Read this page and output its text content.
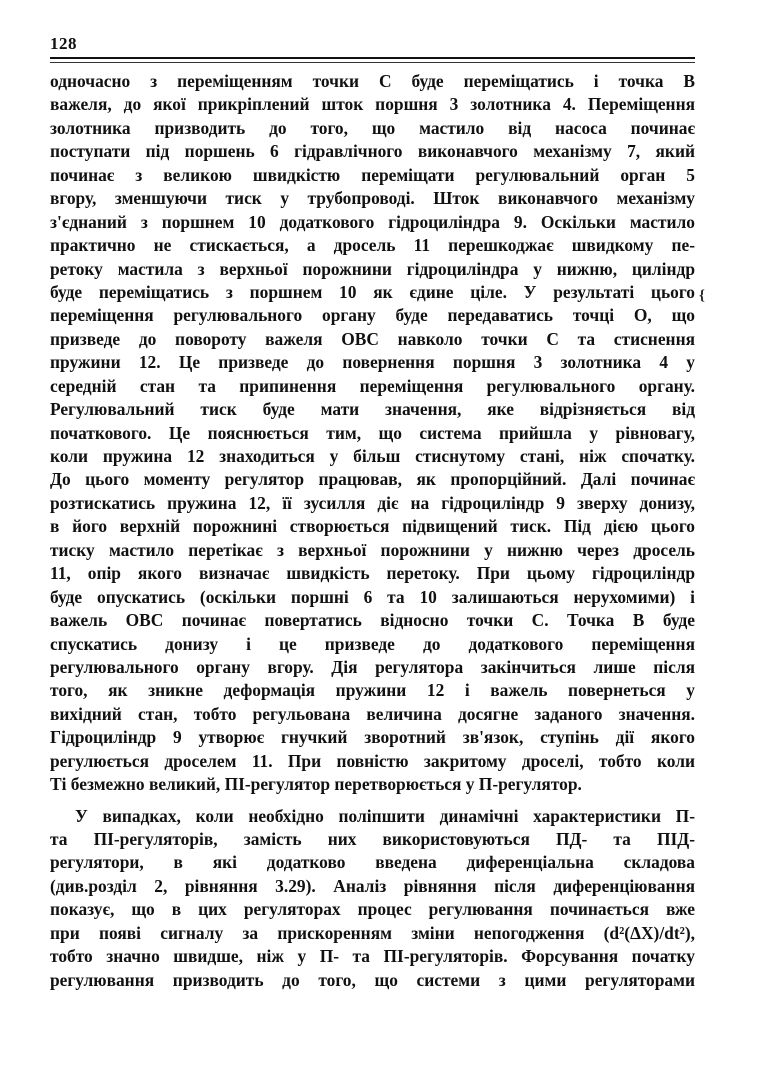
128
{
одночасно з переміщенням точки С буде переміщатись і точка В
важеля, до якої прикріплений шток поршня 3 золотника 4. Переміщення
золотника призводить до того, що мастило від насоса починає
поступати під поршень 6 гідравлічного виконавчого механізму 7, який
починає з великою швидкістю переміщати регулювальний орган 5
вгору, зменшуючи тиск у трубопроводі. Шток виконавчого механізму
з'єднаний з поршнем 10 додаткового гідроциліндра 9. Оскільки мастило
практично не стискається, а дросель 11 перешкоджає швидкому пе-
ретоку мастила з верхньої порожнини гідроциліндра у нижню, циліндр
буде переміщатись з поршнем 10 як єдине ціле. У результаті цього
переміщення регулювального органу буде передаватись точці О, що
призведе до повороту важеля ОВС навколо точки С та стиснення
пружини 12. Це призведе до повернення поршня 3 золотника 4 у
середній стан та припинення переміщення регулювального органу.
Регулювальний тиск буде мати значення, яке відрізняється від
початкового. Це пояснюється тим, що система прийшла у рівновагу,
коли пружина 12 знаходиться у більш стиснутому стані, ніж спочатку.
До цього моменту регулятор працював, як пропорційний. Далі починає
розтискатись пружина 12, її зусилля діє на гідроциліндр 9 зверху донизу,
в його верхній порожнині створюється підвищений тиск. Під дією цього
тиску мастило перетікає з верхньої порожнини у нижню через дросель
11, опір якого визначає швидкість перетоку. При цьому гідроциліндр
буде опускатись (оскільки поршні 6 та 10 залишаються нерухомими) і
важель ОВС починає повертатись відносно точки С. Точка В буде
спускатись донизу і це призведе до додаткового переміщення
регулювального органу вгору. Дія регулятора закінчиться лише після
того, як зникне деформація пружини 12 і важель повернеться у
вихідний стан, тобто регульована величина досягне заданого значення.
Гідроциліндр 9 утворює гнучкий зворотний зв'язок, ступінь дії якого
регулюється дроселем 11. При повністю закритому дроселі, тобто коли
Ті безмежно великий, ПІ-регулятор перетворюється у П-регулятор.
У випадках, коли необхідно поліпшити динамічні характеристики П-
та ПІ-регуляторів, замість них використовуються ПД- та ПІД-
регулятори, в які додатково введена диференціальна складова
(див.розділ 2, рівняння 3.29). Аналіз рівняння після диференціювання
показує, що в цих регуляторах процес регулювання починається вже
при появі сигналу за прискоренням зміни непогодження (d²(ΔX)/dt²),
тобто значно швидше, ніж у П- та ПІ-регуляторів. Форсування початку
регулювання призводить до того, що системи з цими регуляторами
